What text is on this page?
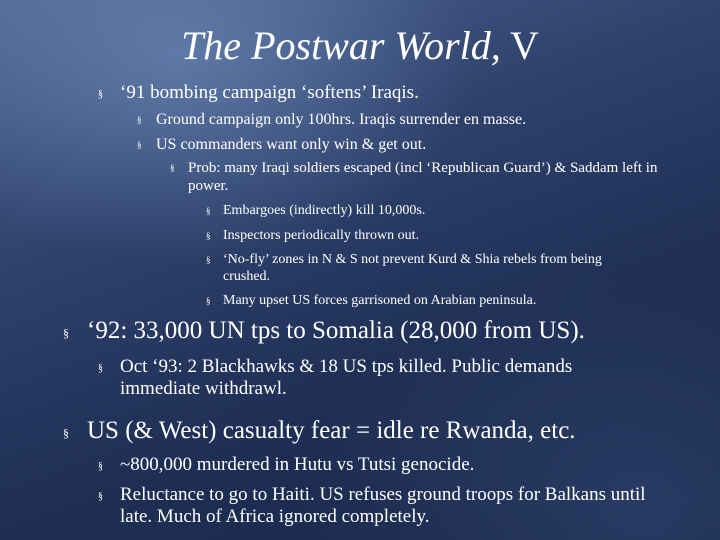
The Postwar World, V
§ ‘91 bombing campaign ‘softens’ Iraqis.
§ Ground campaign only 100hrs. Iraqis surrender en masse.
§ US commanders want only win & get out.
§ Prob: many Iraqi soldiers escaped (incl ‘Republican Guard’) & Saddam left in power.
§ Embargoes (indirectly) kill 10,000s.
§ Inspectors periodically thrown out.
§ ‘No-fly’ zones in N & S not prevent Kurd & Shia rebels from being crushed.
§ Many upset US forces garrisoned on Arabian peninsula.
§ ‘92: 33,000 UN tps to Somalia (28,000 from US).
§ Oct ‘93: 2 Blackhawks & 18 US tps killed. Public demands immediate withdrawl.
§ US (& West) casualty fear = idle re Rwanda, etc.
§ ~800,000 murdered in Hutu vs Tutsi genocide.
§ Reluctance to go to Haiti. US refuses ground troops for Balkans until late. Much of Africa ignored completely.
